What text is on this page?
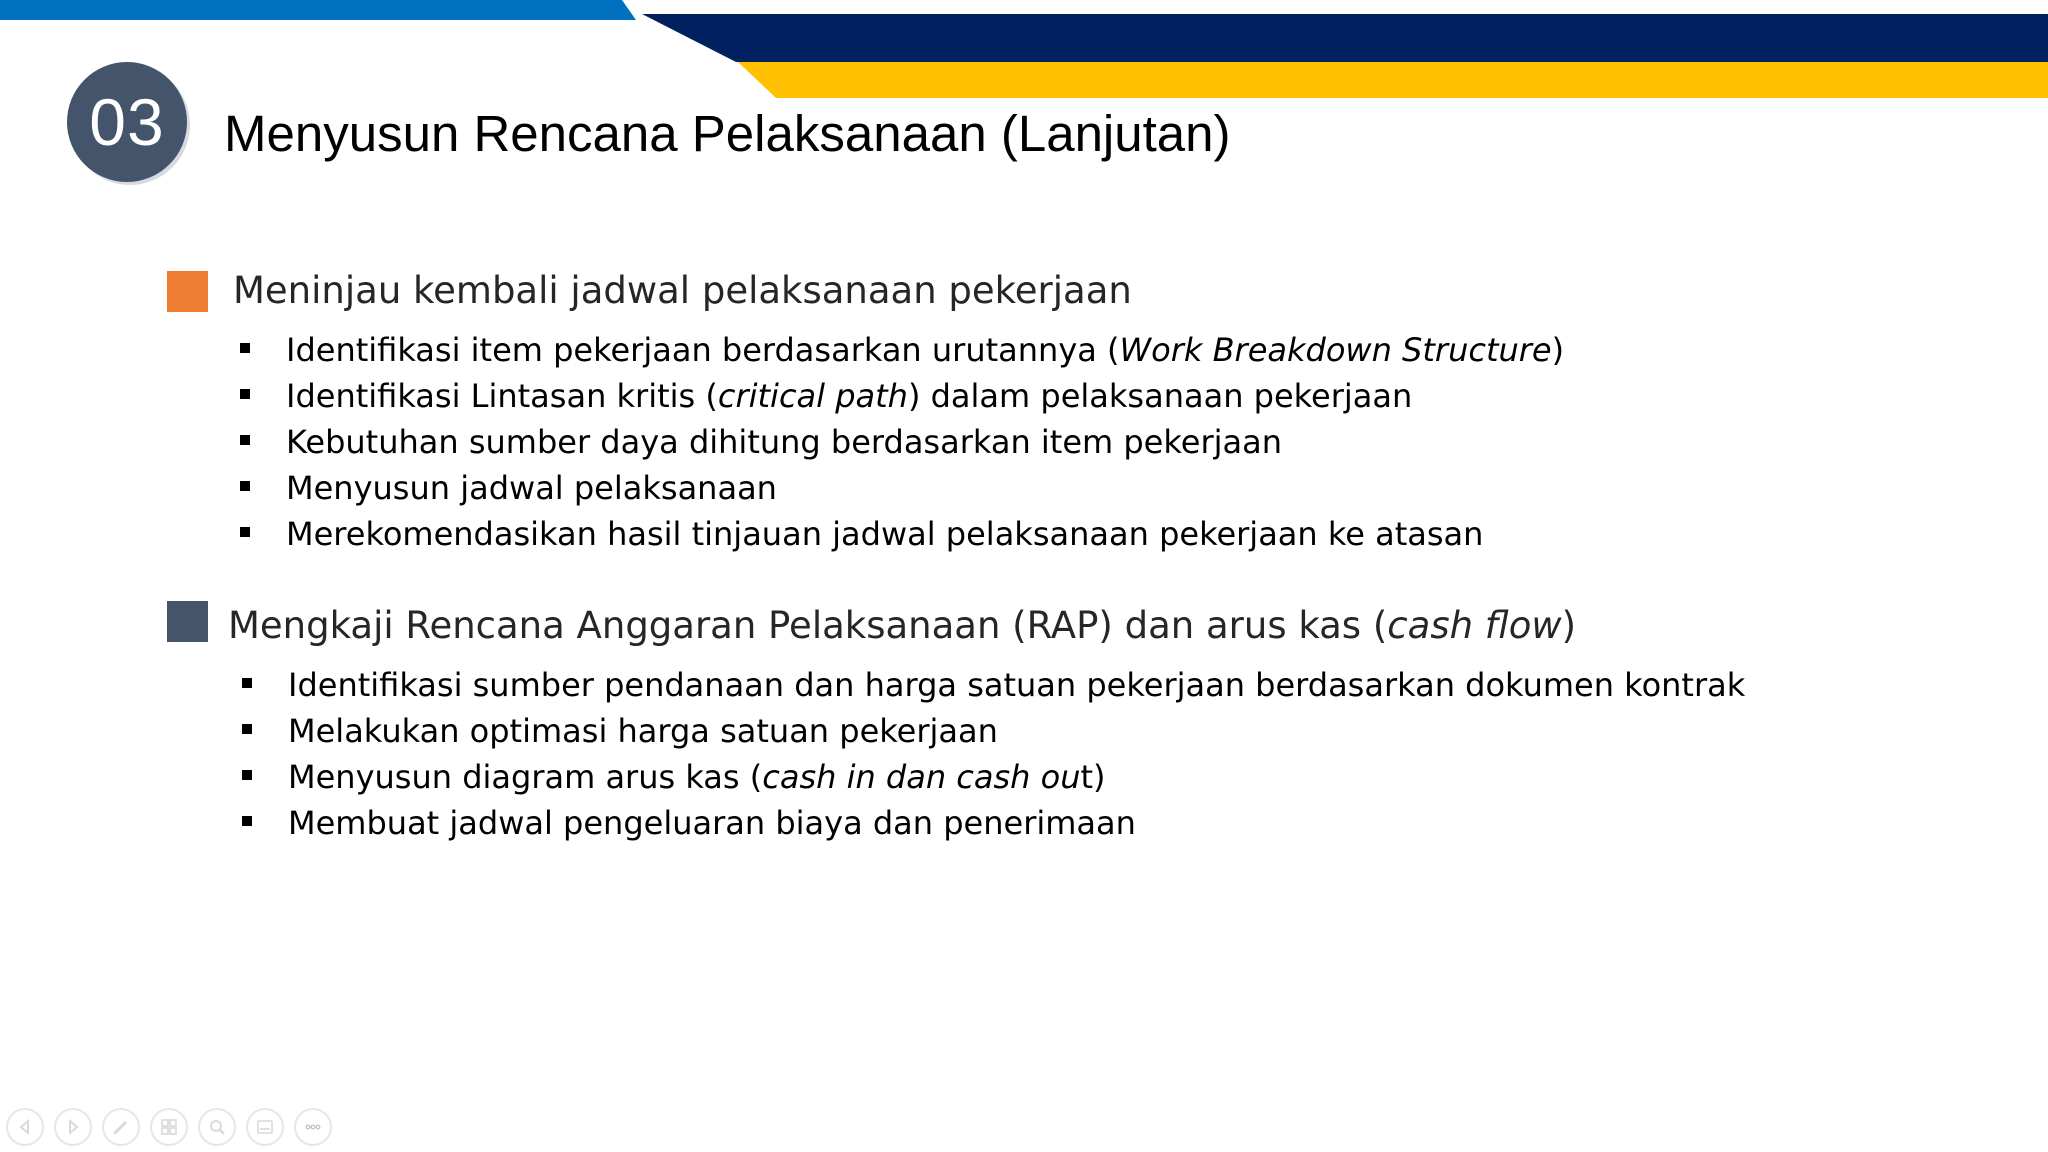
03	Menyusun Rencana Pelaksanaan (Lanjutan)
Meninjau kembali jadwal pelaksanaan pekerjaan
Identifikasi item pekerjaan berdasarkan urutannya (Work Breakdown Structure)
Identifikasi Lintasan kritis (critical path) dalam pelaksanaan pekerjaan
Kebutuhan sumber daya dihitung berdasarkan item pekerjaan
Menyusun jadwal pelaksanaan
Merekomendasikan hasil tinjauan jadwal pelaksanaan pekerjaan ke atasan
Mengkaji Rencana Anggaran Pelaksanaan (RAP) dan arus kas (cash flow)
Identifikasi sumber pendanaan dan harga satuan pekerjaan berdasarkan dokumen kontrak
Melakukan optimasi harga satuan pekerjaan
Menyusun diagram arus kas (cash in dan cash out)
Membuat jadwal pengeluaran biaya dan penerimaan
